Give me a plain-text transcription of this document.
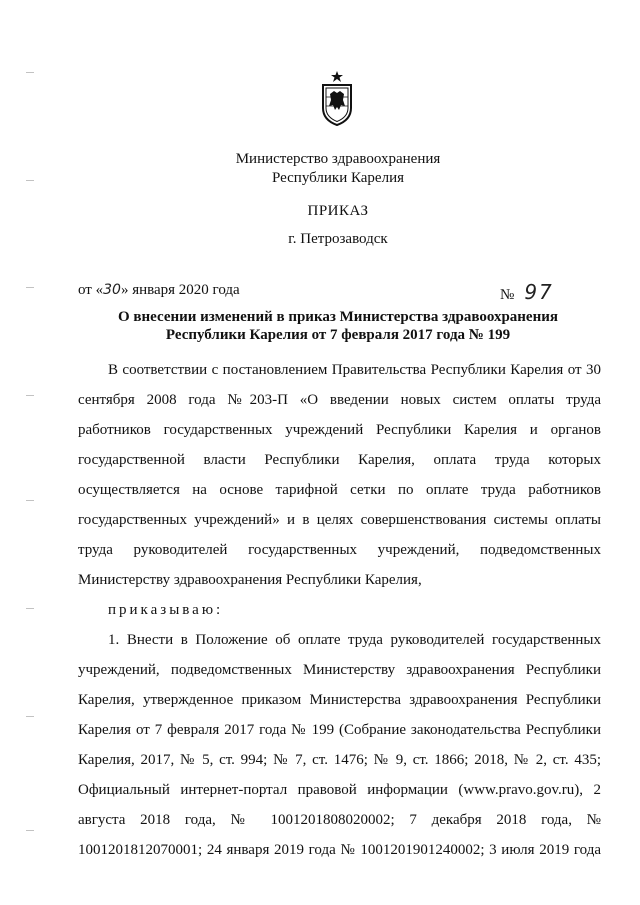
Министерство здравоохранения
Республики Карелия
ПРИКАЗ
г. Петрозаводск
от «30» января 2020 года	№ 97
О внесении изменений в приказ Министерства здравоохранения
Республики Карелия от 7 февраля 2017 года № 199
В соответствии с постановлением Правительства Республики Карелия от 30
сентября 2008 года №203-П «О введении новых систем оплаты труда
работников государственных учреждений Республики Карелия и органов
государственной власти Республики Карелия, оплата труда которых
осуществляется на основе тарифной сетки по оплате труда работников
государственных учреждений» и в целях совершенствования системы оплаты
труда руководителей государственных учреждений, подведомственных
Министерству здравоохранения Республики Карелия,
приказываю:
1. Внести в Положение об оплате труда руководителей государственных
учреждений, подведомственных Министерству здравоохранения Республики
Карелия, утвержденное приказом Министерства здравоохранения Республики
Карелия от 7 февраля 2017 года № 199 (Собрание законодательства Республики
Карелия, 2017, № 5, ст. 994; № 7, ст. 1476; № 9, ст. 1866; 2018, № 2, ст. 435;
Официальный интернет-портал правовой информации (www.pravo.gov.ru), 2
августа 2018 года, № 1001201808020002; 7 декабря 2018 года, №
1001201812070001; 24 января 2019 года № 1001201901240002; 3 июля 2019 года
